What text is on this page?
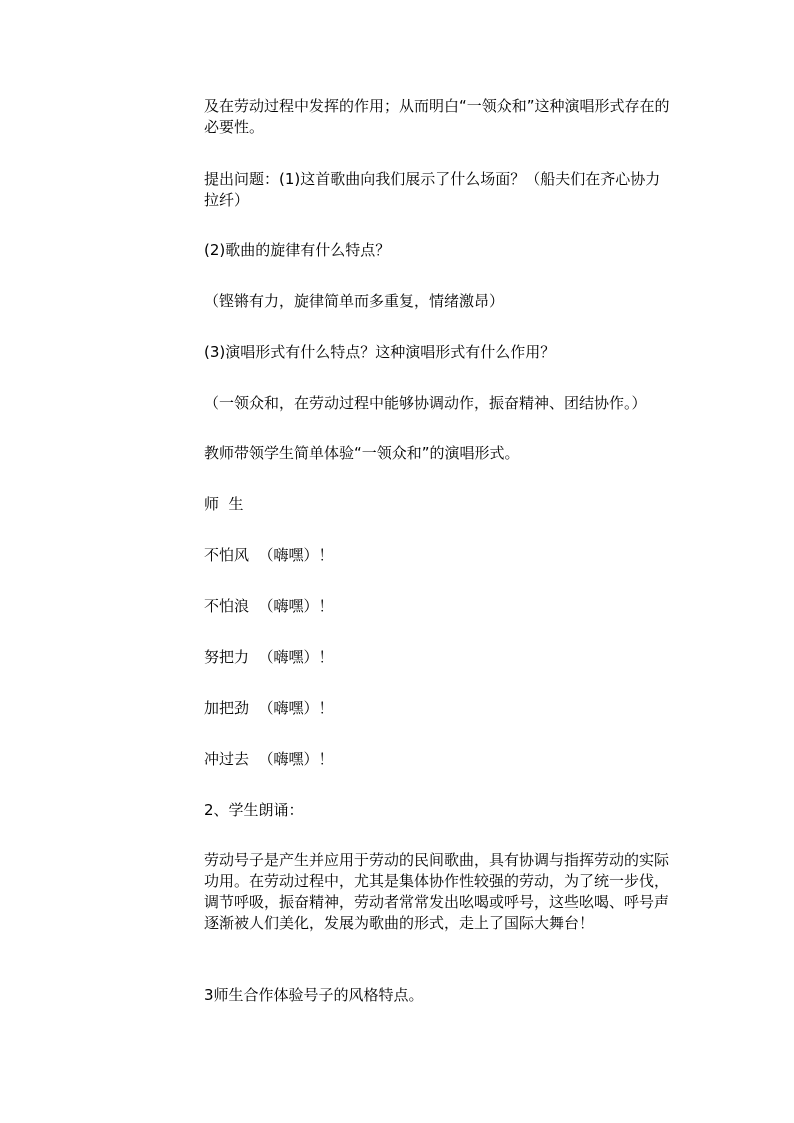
及在劳动过程中发挥的作用；从而明白“一领众和”这种演唱形式存在的必要性。
提出问题：(1)这首歌曲向我们展示了什么场面？（船夫们在齐心协力拉纤）
(2)歌曲的旋律有什么特点？
（铿锵有力，旋律简单而多重复，情绪激昂）
(3)演唱形式有什么特点？这种演唱形式有什么作用？
（一领众和，在劳动过程中能够协调动作，振奋精神、团结协作。）
教师带领学生简单体验“一领众和”的演唱形式。
师  生
不怕风  （嗨嘿）！
不怕浪  （嗨嘿）！
努把力  （嗨嘿）！
加把劲  （嗨嘿）！
冲过去  （嗨嘿）！
2、学生朗诵：
劳动号子是产生并应用于劳动的民间歌曲，具有协调与指挥劳动的实际功用。在劳动过程中，尤其是集体协作性较强的劳动，为了统一步伐，调节呼吸，振奋精神，劳动者常常发出吆喝或呼号，这些吆喝、呼号声逐渐被人们美化，发展为歌曲的形式，走上了国际大舞台！
3师生合作体验号子的风格特点。
